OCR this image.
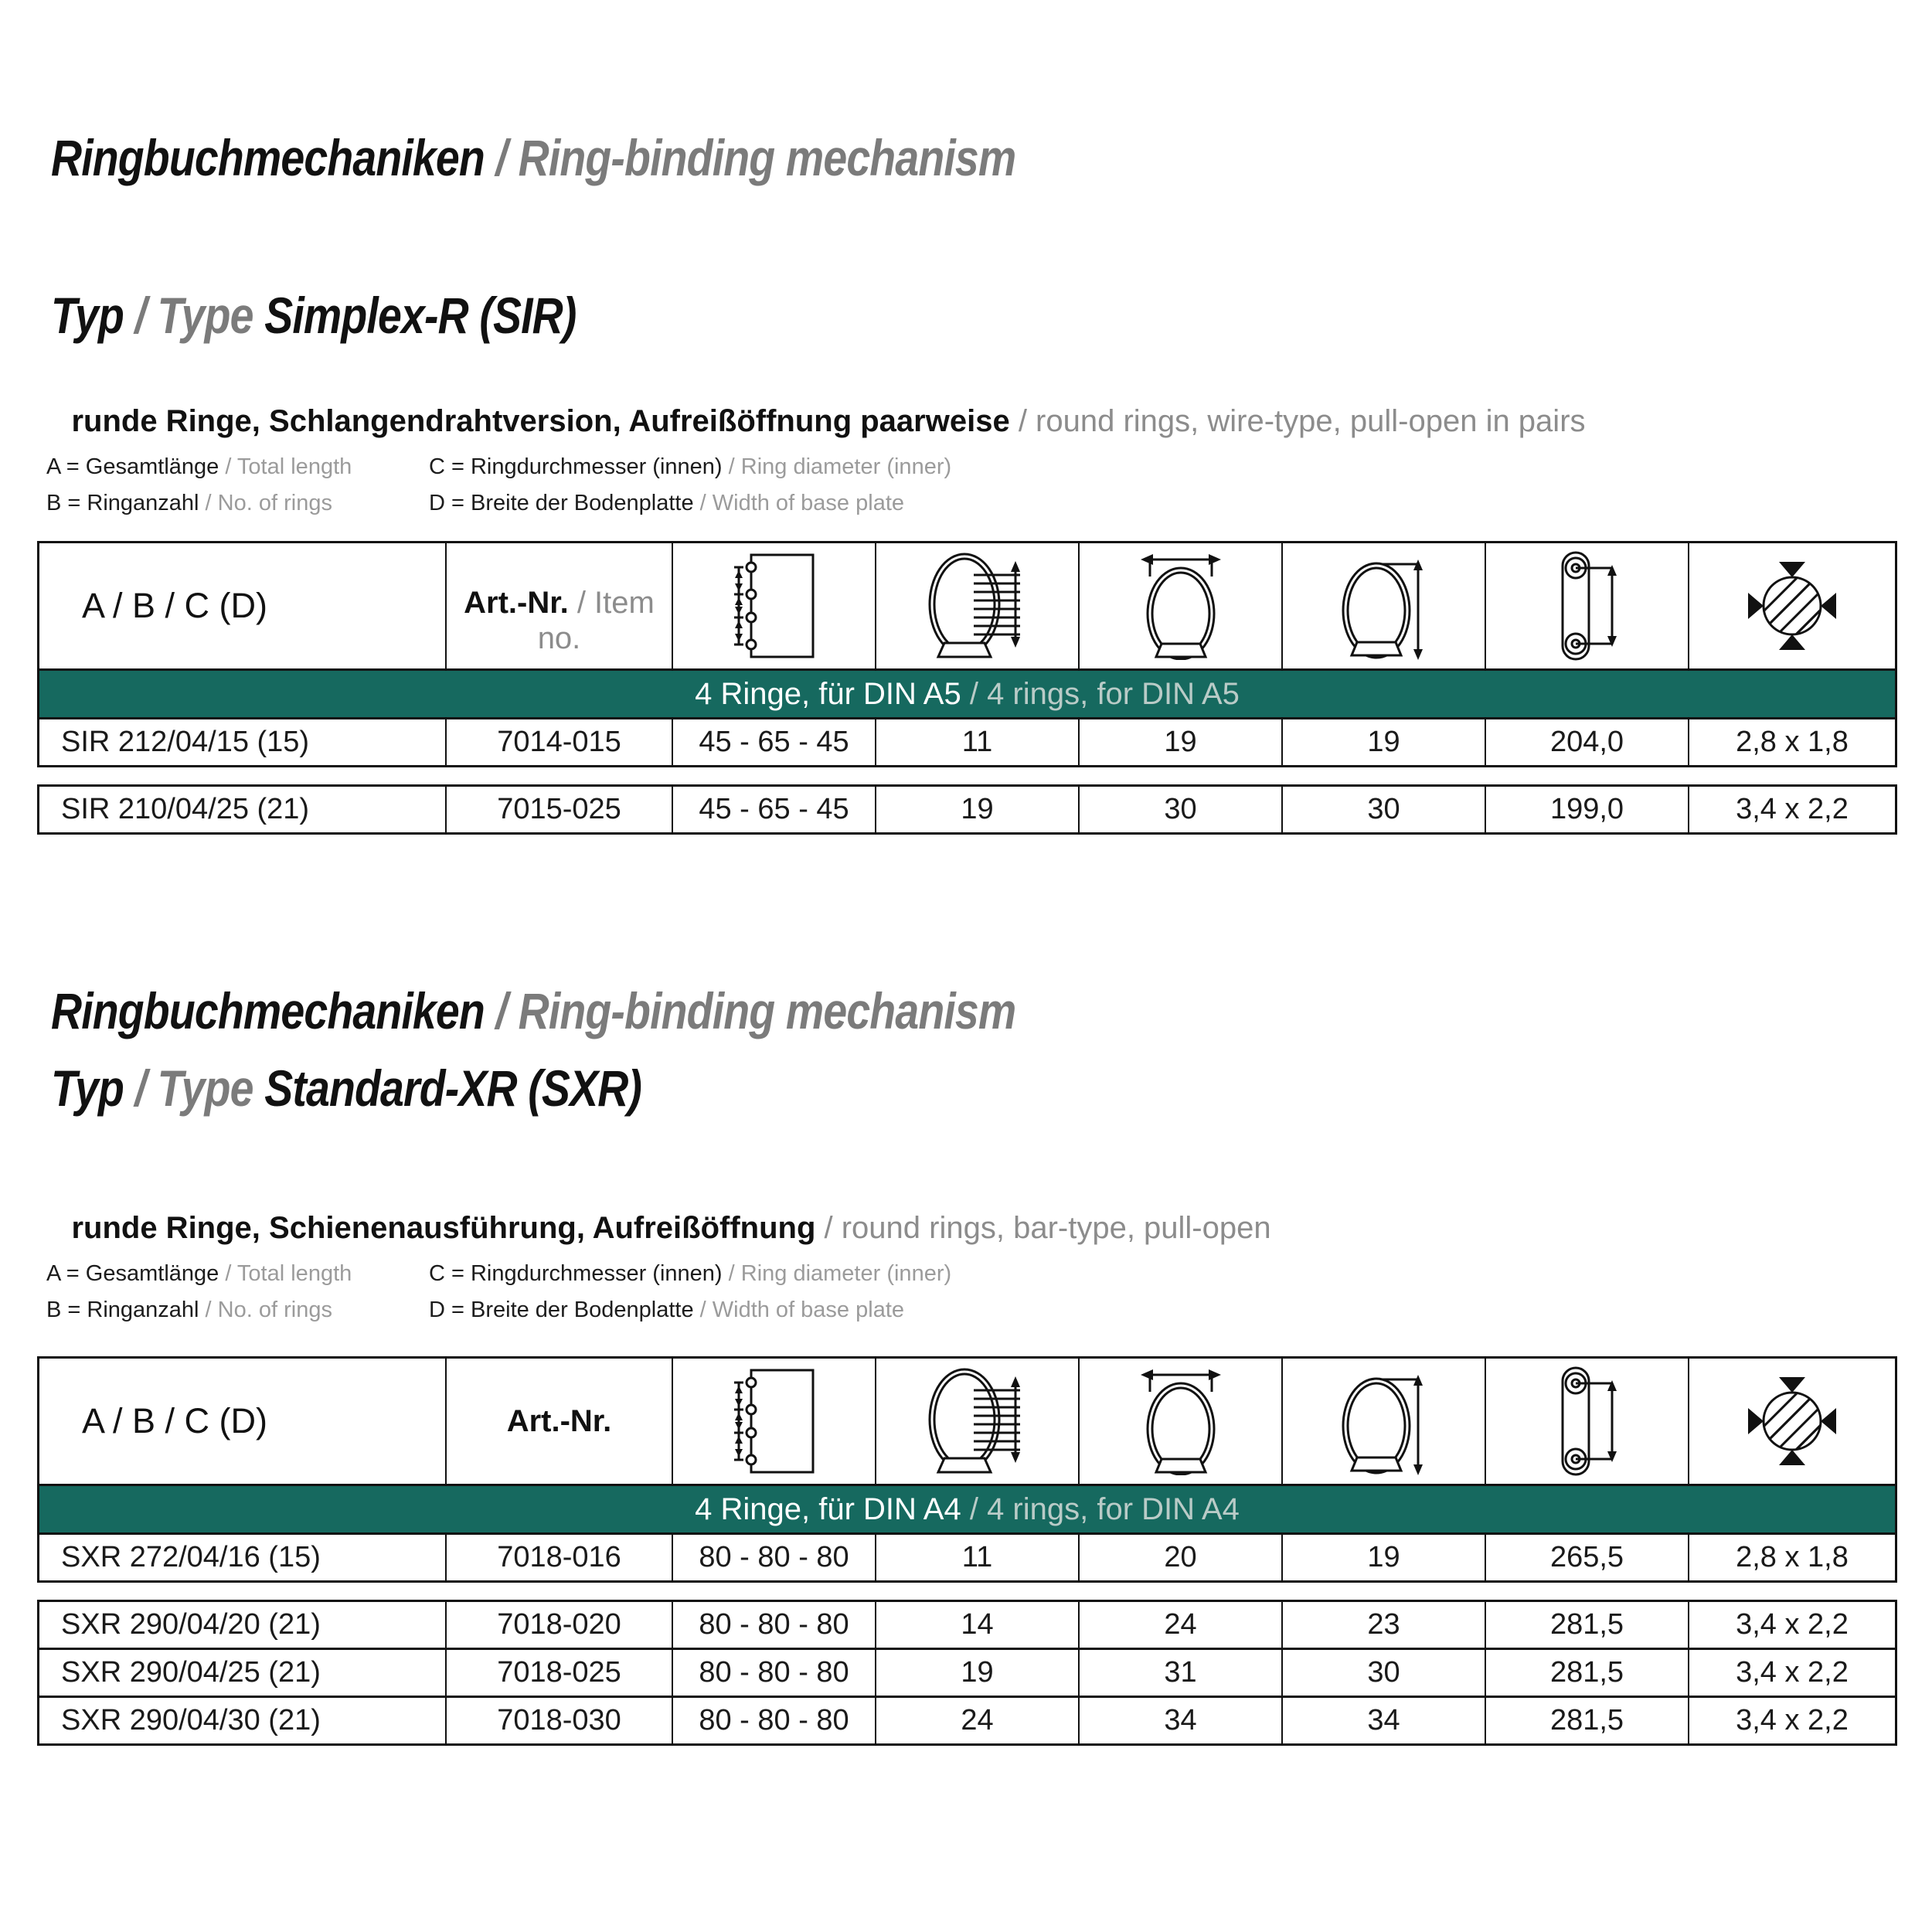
Ringbuchmechaniken / Ring-binding mechanism

Typ / Type Simplex-R (SIR)

runde Ringe, Schlangendrahtversion, Aufreißöffnung paarweise / round rings, wire-type, pull-open in pairs

A = Gesamtlänge / Total length	C = Ringdurchmesser (innen) / Ring diameter (inner)
B = Ringanzahl / No. of rings	D = Breite der Bodenplatte / Width of base plate
A / B / C (D)	Art.-Nr. / Item no.
4 Ringe, für DIN A5 / 4 rings, for DIN A5
SIR 212/04/15 (15)	7014-015	45 - 65 - 45	11	19	19	204,0	2,8 x 1,8
SIR 210/04/25 (21)	7015-025	45 - 65 - 45	19	30	30	199,0	3,4 x 2,2

Ringbuchmechaniken / Ring-binding mechanism

Typ / Type Standard-XR (SXR)

runde Ringe, Schienenausführung, Aufreißöffnung / round rings, bar-type, pull-open

A = Gesamtlänge / Total length	C = Ringdurchmesser (innen) / Ring diameter (inner)
B = Ringanzahl / No. of rings	D = Breite der Bodenplatte / Width of base plate
A / B / C (D)	Art.-Nr.
4 Ringe, für DIN A4 / 4 rings, for DIN A4
SXR 272/04/16 (15)	7018-016	80 - 80 - 80	11	20	19	265,5	2,8 x 1,8
SXR 290/04/20 (21)	7018-020	80 - 80 - 80	14	24	23	281,5	3,4 x 2,2
SXR 290/04/25 (21)	7018-025	80 - 80 - 80	19	31	30	281,5	3,4 x 2,2
SXR 290/04/30 (21)	7018-030	80 - 80 - 80	24	34	34	281,5	3,4 x 2,2
